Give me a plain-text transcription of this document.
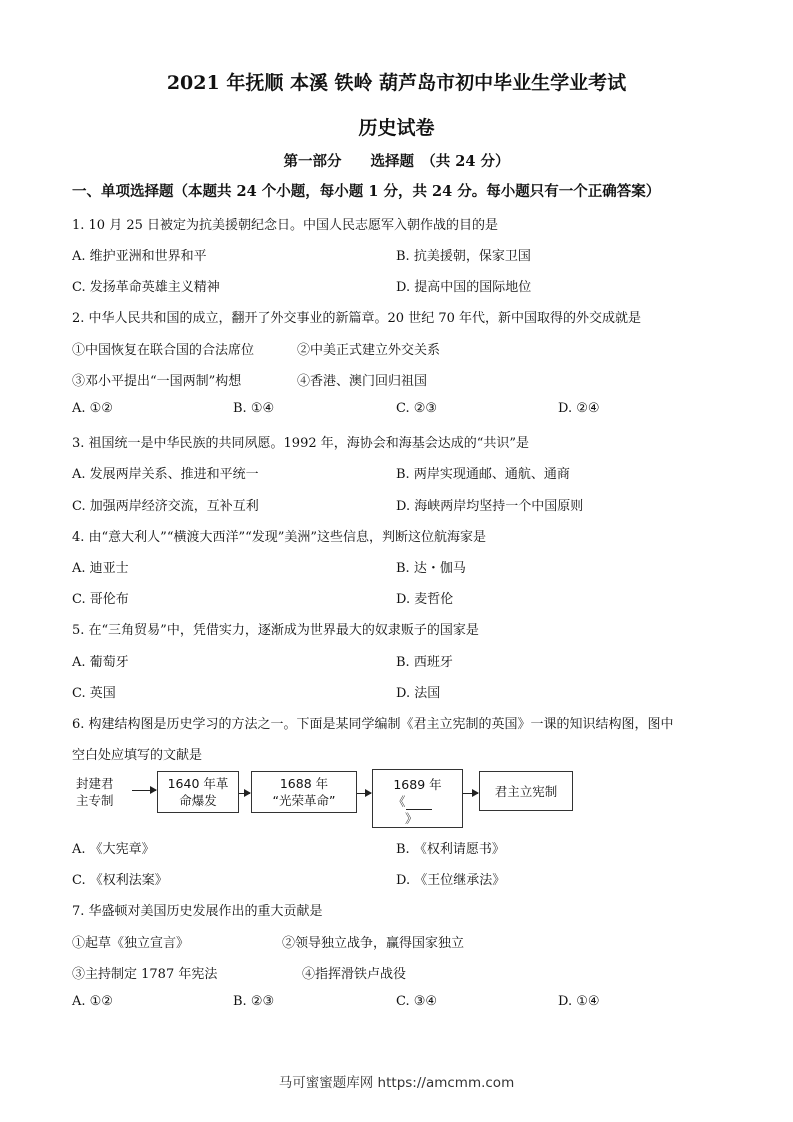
2021 年抚顺 本溪 铁岭 葫芦岛市初中毕业生学业考试
历史试卷
第一部分　　选择题　（共 24 分）
一、单项选择题（本题共 24 个小题，每小题 1 分，共 24 分。每小题只有一个正确答案）
1. 10 月 25 日被定为抗美援朝纪念日。中国人民志愿军入朝作战的目的是
A. 维护亚洲和世界和平	B. 抗美援朝，保家卫国
C. 发扬革命英雄主义精神	D. 提高中国的国际地位
2. 中华人民共和国的成立，翻开了外交事业的新篇章。20 世纪 70 年代，新中国取得的外交成就是
①中国恢复在联合国的合法席位	②中美正式建立外交关系
③邓小平提出“一国两制”构想	④香港、澳门回归祖国
A. ①②	B. ①④	C. ②③	D. ②④
3. 祖国统一是中华民族的共同夙愿。1992 年，海协会和海基会达成的“共识”是
A. 发展两岸关系、推进和平统一	B. 两岸实现通邮、通航、通商
C. 加强两岸经济交流，互补互利	D. 海峡两岸均坚持一个中国原则
4. 由“意大利人”“横渡大西洋”“发现”美洲”这些信息，判断这位航海家是
A. 迪亚士	B. 达・伽马
C. 哥伦布	D. 麦哲伦
5. 在“三角贸易”中，凭借实力，逐渐成为世界最大的奴隶贩子的国家是
A. 葡萄牙	B. 西班牙
C. 英国	D. 法国
6. 构建结构图是历史学习的方法之一。下面是某同学编制《君主立宪制的英国》一课的知识结构图，图中
空白处应填写的文献是
封建君
主专制
1640 年革
命爆发
1688 年
“光荣革命”
1689 年
《
》
君主立宪制
A. 《大宪章》	B. 《权利请愿书》
C. 《权利法案》	D. 《王位继承法》
7. 华盛顿对美国历史发展作出的重大贡献是
①起草《独立宣言》	②领导独立战争，赢得国家独立
③主持制定 1787 年宪法	④指挥滑铁卢战役
A. ①②	B. ②③	C. ③④	D. ①④
马可蜜蜜题库网 https://amcmm.com
